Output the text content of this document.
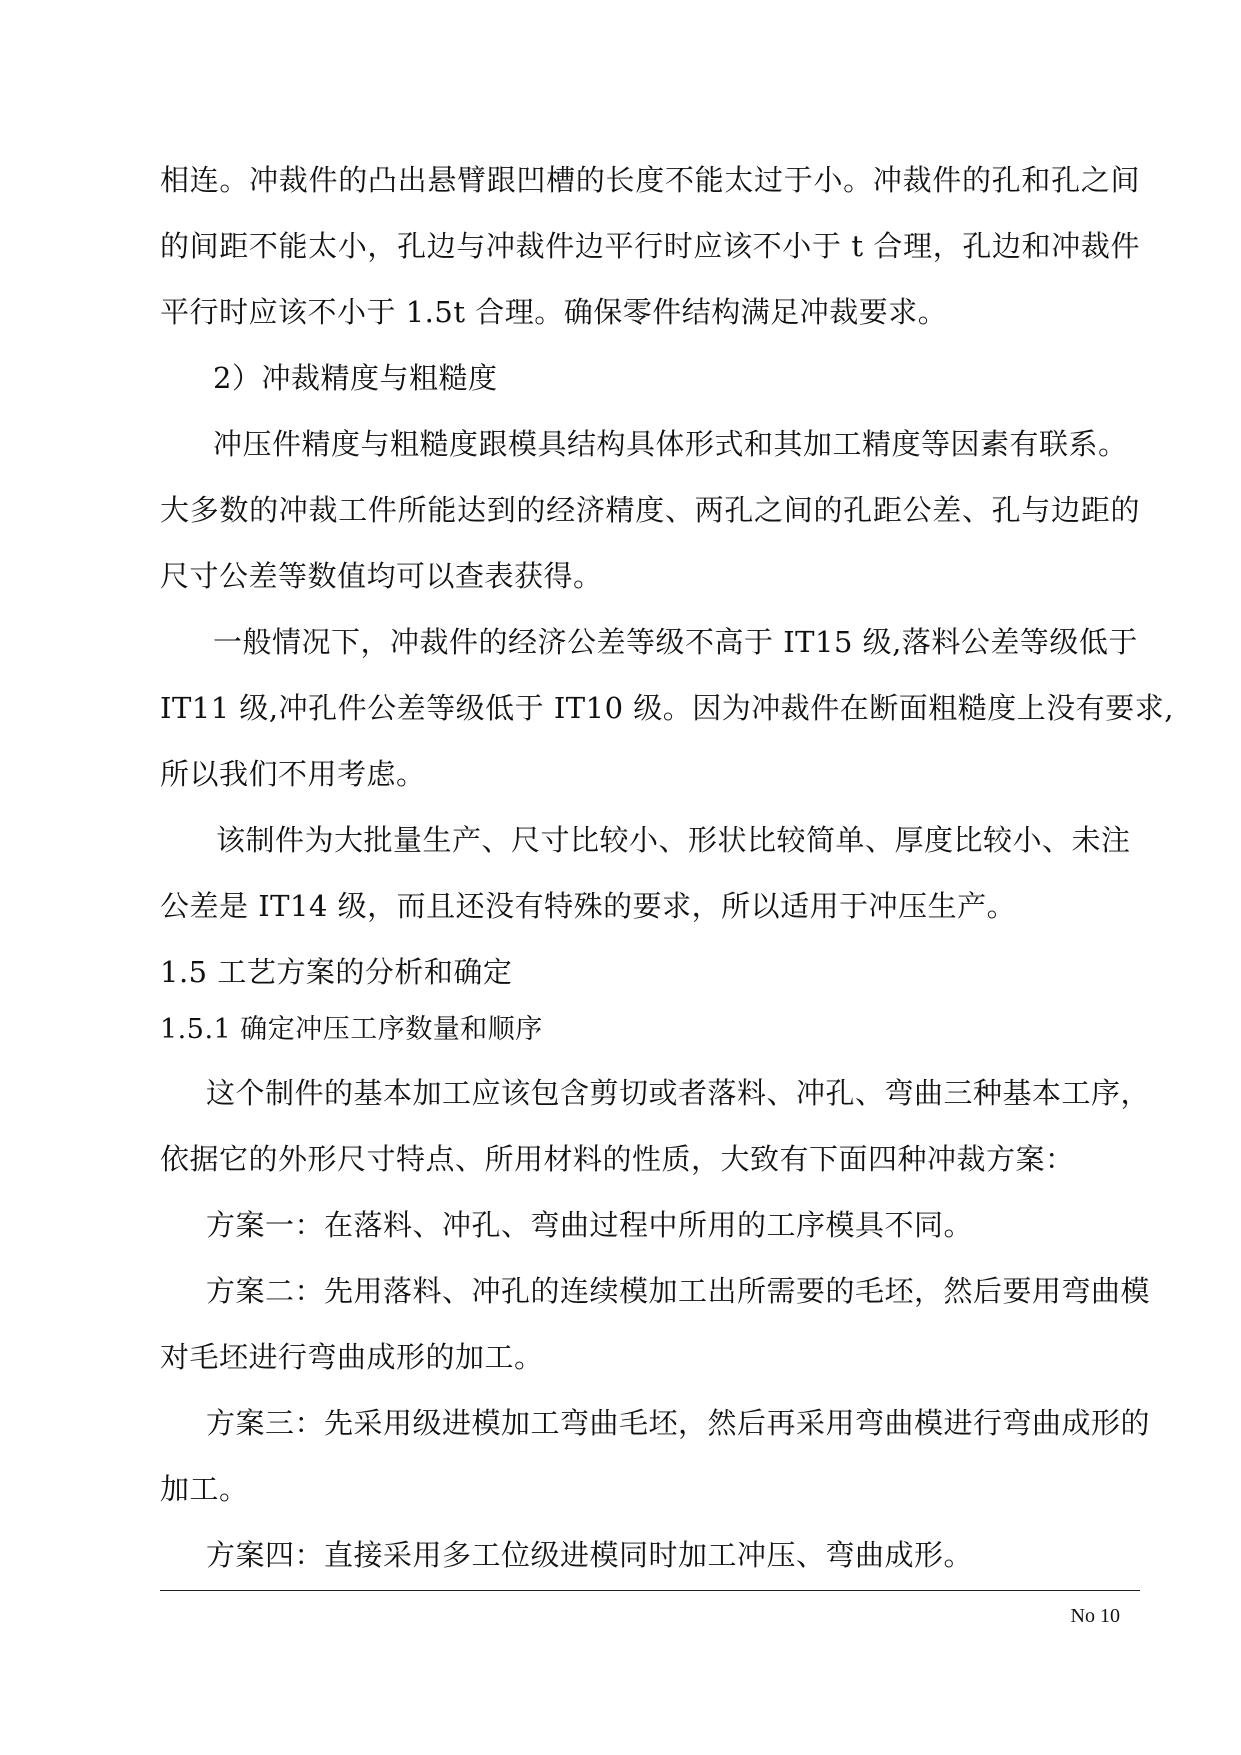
相连。冲裁件的凸出悬臂跟凹槽的长度不能太过于小。冲裁件的孔和孔之间
的间距不能太小，孔边与冲裁件边平行时应该不小于 t 合理，孔边和冲裁件
平行时应该不小于 1.5t 合理。确保零件结构满足冲裁要求。
2）冲裁精度与粗糙度
冲压件精度与粗糙度跟模具结构具体形式和其加工精度等因素有联系。
大多数的冲裁工件所能达到的经济精度、两孔之间的孔距公差、孔与边距的
尺寸公差等数值均可以查表获得。
一般情况下，冲裁件的经济公差等级不高于 IT15 级,落料公差等级低于
IT11 级,冲孔件公差等级低于 IT10 级。因为冲裁件在断面粗糙度上没有要求,
所以我们不用考虑。
该制件为大批量生产、尺寸比较小、形状比较简单、厚度比较小、未注
公差是 IT14 级，而且还没有特殊的要求，所以适用于冲压生产。
1.5 工艺方案的分析和确定
1.5.1 确定冲压工序数量和顺序
这个制件的基本加工应该包含剪切或者落料、冲孔、弯曲三种基本工序，
依据它的外形尺寸特点、所用材料的性质，大致有下面四种冲裁方案：
方案一：在落料、冲孔、弯曲过程中所用的工序模具不同。
方案二：先用落料、冲孔的连续模加工出所需要的毛坯，然后要用弯曲模
对毛坯进行弯曲成形的加工。
方案三：先采用级进模加工弯曲毛坯，然后再采用弯曲模进行弯曲成形的
加工。
方案四：直接采用多工位级进模同时加工冲压、弯曲成形。
No 10
